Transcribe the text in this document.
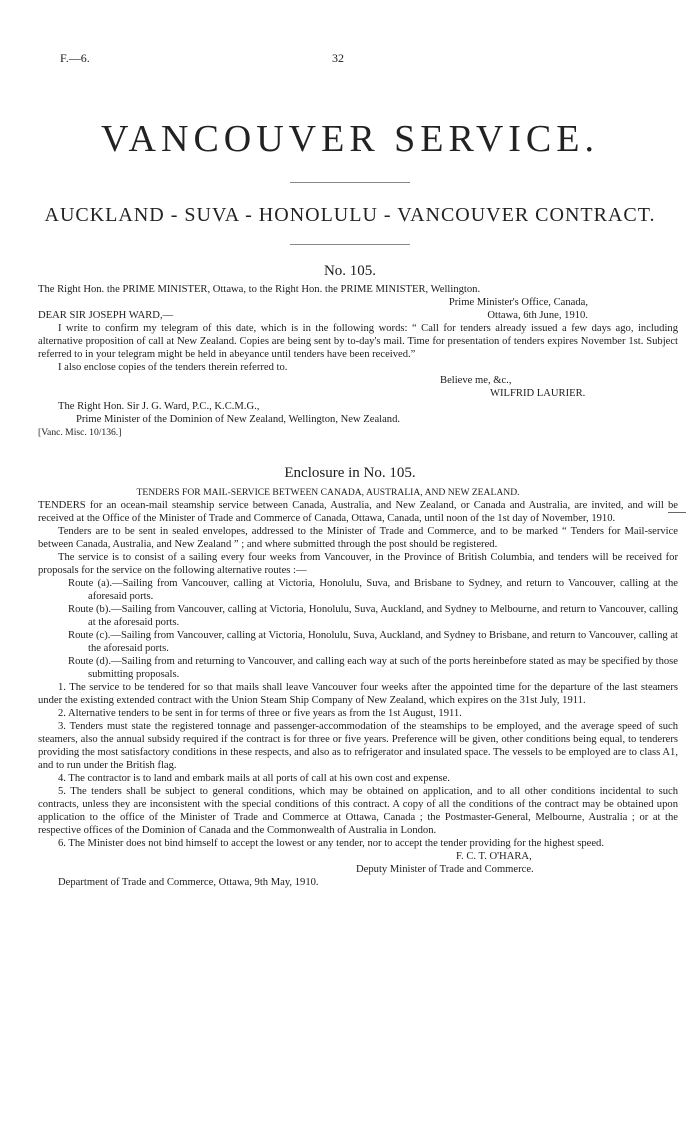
F.—6.	32
VANCOUVER SERVICE.
AUCKLAND - SUVA - HONOLULU - VANCOUVER CONTRACT.
No. 105.

The Right Hon. the PRIME MINISTER, Ottawa, to the Right Hon. the PRIME MINISTER, Wellington.

Prime Minister's Office, Canada,

DEAR SIR JOSEPH WARD,—	Ottawa, 6th June, 1910.

I write to confirm my telegram of this date, which is in the following words: “ Call for tenders already issued a few days ago, including alternative proposition of call at New Zealand. Copies are being sent by to-day's mail. Time for presentation of tenders expires November 1st. Subject referred to in your telegram might be held in abeyance until tenders have been received.”

I also enclose copies of the tenders therein referred to.

Believe me, &c.,

WILFRID LAURIER.

The Right Hon. Sir J. G. Ward, P.C., K.C.M.G.,

Prime Minister of the Dominion of New Zealand, Wellington, New Zealand.

[Vanc. Misc. 10/136.]

Enclosure in No. 105.

TENDERS FOR MAIL-SERVICE BETWEEN CANADA, AUSTRALIA, AND NEW ZEALAND.

TENDERS for an ocean-mail steamship service between Canada, Australia, and New Zealand, or Canada and Australia, are invited, and will be received at the Office of the Minister of Trade and Commerce of Canada, Ottawa, Canada, until noon of the 1st day of November, 1910.

Tenders are to be sent in sealed envelopes, addressed to the Minister of Trade and Commerce, and to be marked “ Tenders for Mail-service between Canada, Australia, and New Zealand ” ; and where submitted through the post should be registered.

The service is to consist of a sailing every four weeks from Vancouver, in the Province of British Columbia, and tenders will be received for proposals for the service on the following alternative routes :—

Route (a).—Sailing from Vancouver, calling at Victoria, Honolulu, Suva, and Brisbane to Sydney, and return to Vancouver, calling at the aforesaid ports.

Route (b).—Sailing from Vancouver, calling at Victoria, Honolulu, Suva, Auckland, and Sydney to Melbourne, and return to Vancouver, calling at the aforesaid ports.

Route (c).—Sailing from Vancouver, calling at Victoria, Honolulu, Suva, Auckland, and Sydney to Brisbane, and return to Vancouver, calling at the aforesaid ports.

Route (d).—Sailing from and returning to Vancouver, and calling each way at such of the ports hereinbefore stated as may be specified by those submitting proposals.

1. The service to be tendered for so that mails shall leave Vancouver four weeks after the appointed time for the departure of the last steamers under the existing extended contract with the Union Steam Ship Company of New Zealand, which expires on the 31st July, 1911.

2. Alternative tenders to be sent in for terms of three or five years as from the 1st August, 1911.

3. Tenders must state the registered tonnage and passenger-accommodation of the steamships to be employed, and the average speed of such steamers, also the annual subsidy required if the contract is for three or five years. Preference will be given, other conditions being equal, to tenderers providing the most satisfactory conditions in these respects, and also as to refrigerator and insulated space. The vessels to be employed are to class A1, and to run under the British flag.

4. The contractor is to land and embark mails at all ports of call at his own cost and expense.

5. The tenders shall be subject to general conditions, which may be obtained on application, and to all other conditions incidental to such contracts, unless they are inconsistent with the special conditions of this contract. A copy of all the conditions of the contract may be obtained upon application to the office of the Minister of Trade and Commerce at Ottawa, Canada ; the Postmaster-General, Melbourne, Australia ; or at the respective offices of the Dominion of Canada and the Commonwealth of Australia in London.

6. The Minister does not bind himself to accept the lowest or any tender, nor to accept the tender providing for the highest speed.

F. C. T. O'HARA,

Deputy Minister of Trade and Commerce.

Department of Trade and Commerce, Ottawa, 9th May, 1910.
